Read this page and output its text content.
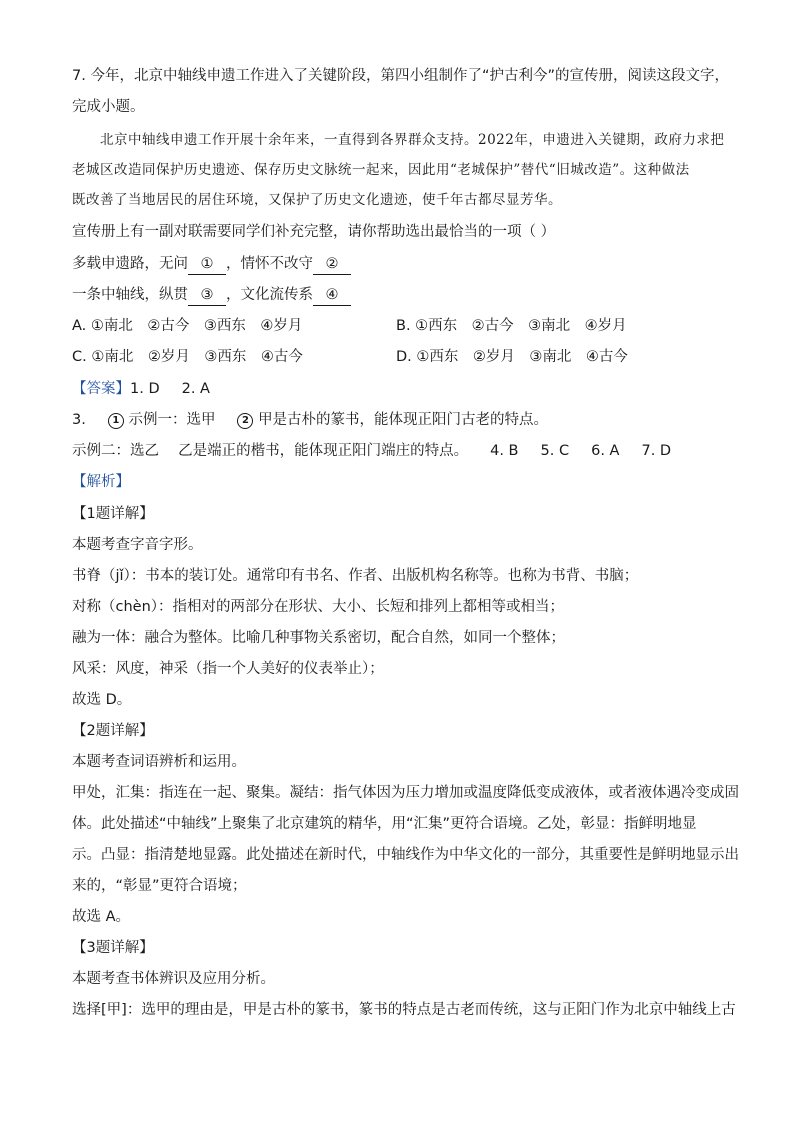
7. 今年，北京中轴线申遗工作进入了关键阶段，第四小组制作了“护古利今”的宣传册，阅读这段文字，
完成小题。
北京中轴线申遗工作开展十余年来，一直得到各界群众支持。2022年，申遗进入关键期，政府力求把
老城区改造同保护历史遗迹、保存历史文脉统一起来，因此用“老城保护”替代“旧城改造”。这种做法
既改善了当地居民的居住环境，又保护了历史文化遗迹，使千年古都尽显芳华。
宣传册上有一副对联需要同学们补充完整，请你帮助选出最恰当的一项（ ）
多载申遗路，无问 ① ，情怀不改守 ②
一条中轴线，纵贯 ③ ，文化流传系 ④
A. ①南北　②古今　③西东　④岁月	B. ①西东　②古今　③南北　④岁月
C. ①南北　②岁月　③西东　④古今	D. ①西东　②岁月　③南北　④古今
【答案】1. D 2. A
3.	1 示例一：选甲	2 甲是古朴的篆书，能体现正阳门古老的特点。
示例二：选乙　 乙是端正的楷书，能体现正阳门端庄的特点。 4. B 5. C 6. A 7. D
【解析】
【1题详解】
本题考查字音字形。
书脊（jǐ）：书本的装订处。通常印有书名、作者、出版机构名称等。也称为书背、书脑；
对称（chèn）：指相对的两部分在形状、大小、长短和排列上都相等或相当；
融为一体：融合为整体。比喻几种事物关系密切，配合自然，如同一个整体；
风采：风度，神采（指一个人美好的仪表举止）；
故选 D。
【2题详解】
本题考查词语辨析和运用。
甲处，汇集：指连在一起、聚集。凝结：指气体因为压力增加或温度降低变成液体，或者液体遇冷变成固
体。此处描述“中轴线”上聚集了北京建筑的精华，用“汇集”更符合语境。乙处，彰显：指鲜明地显
示。凸显：指清楚地显露。此处描述在新时代，中轴线作为中华文化的一部分，其重要性是鲜明地显示出
来的，“彰显”更符合语境；
故选 A。
【3题详解】
本题考查书体辨识及应用分析。
选择[甲]：选甲的理由是，甲是古朴的篆书，篆书的特点是古老而传统，这与正阳门作为北京中轴线上古
